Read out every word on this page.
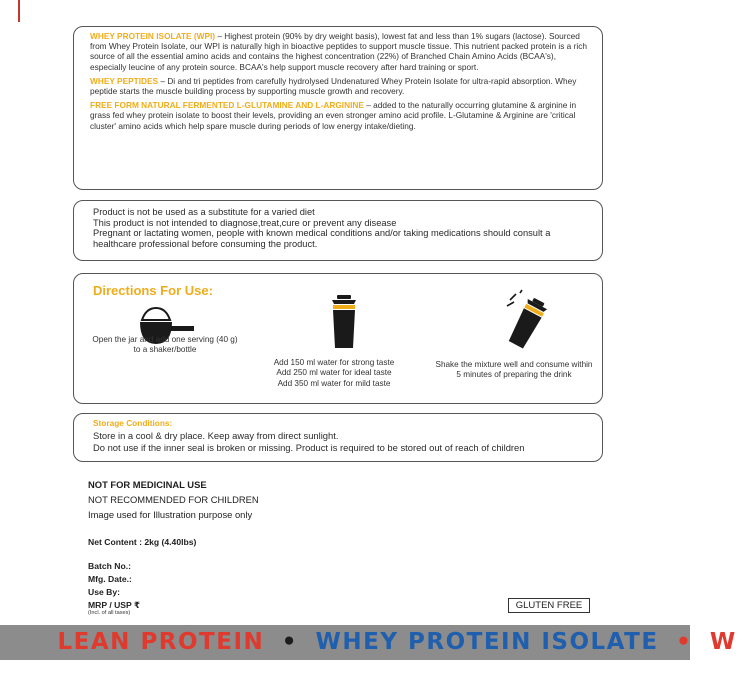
WHEY PROTEIN ISOLATE (WPI) – Highest protein (90% by dry weight basis), lowest fat and less than 1% sugars (lactose). Sourced from Whey Protein Isolate, our WPI is naturally high in bioactive peptides to support muscle tissue. This nutrient packed protein is a rich source of all the essential amino acids and contains the highest concentration (22%) of Branched Chain Amino Acids (BCAA's), especially leucine of any protein source. BCAA's help support muscle recovery after hard training or sport.

WHEY PEPTIDES – Di and tri peptides from carefully hydrolysed Undenatured Whey Protein Isolate for ultra-rapid absorption. Whey peptide starts the muscle building process by supporting muscle growth and recovery.

FREE FORM NATURAL FERMENTED L-GLUTAMINE AND L-ARGININE – added to the naturally occurring glutamine & arginine in grass fed whey protein isolate to boost their levels, providing an even stronger amino acid profile. L-Glutamine & Arginine are 'critical cluster' amino acids which help spare muscle during periods of low energy intake/dieting.

Product is not be used as a substitute for a varied diet

This product is not intended to diagnose,treat,cure or prevent any disease

Pregnant or lactating women, people with known medical conditions and/or taking medications should consult a healthcare professional before consuming the product.

Directions For Use:
Open the jar and add one serving (40 g) to a shaker/bottle
Add 150 ml water for strong taste
Add 250 ml water for ideal taste
Add 350 ml water for mild taste
Shake the mixture well and consume within 5 minutes of preparing the drink

Storage Conditions:

Store in a cool & dry place. Keep away from direct sunlight.

Do not use if the inner seal is broken or missing. Product is required to be stored out of reach of children

NOT FOR MEDICINAL USE
NOT RECOMMENDED FOR CHILDREN
Image used for Illustration purpose only
Net Content : 2kg (4.40lbs)
Batch No.:
Mfg. Date.:
Use By:
MRP / USP ₹
(Incl. of all taxes)
GLUTEN FREE
LEAN PROTEIN • WHEY PROTEIN ISOLATE • W
